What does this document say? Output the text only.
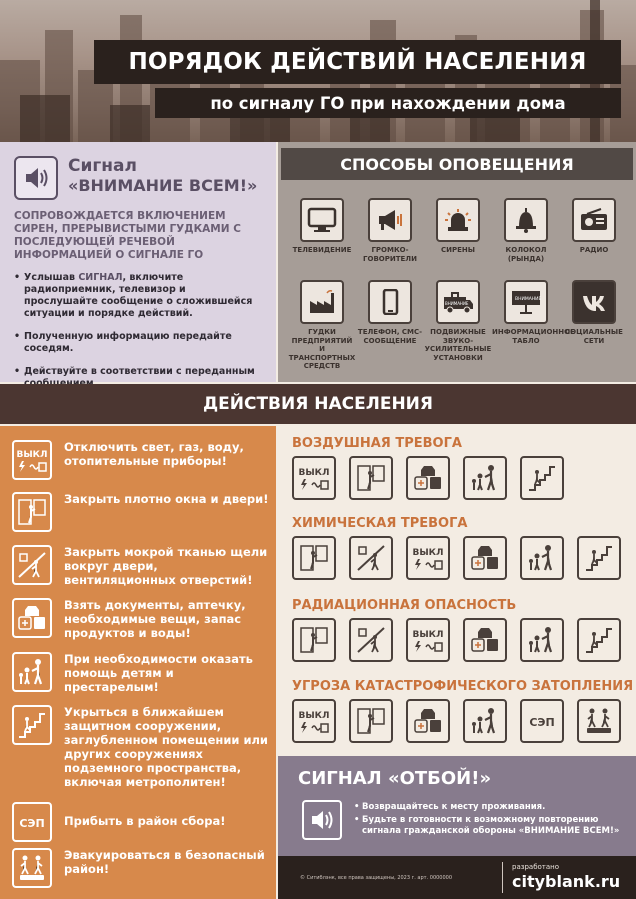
ПОРЯДОК ДЕЙСТВИЙ НАСЕЛЕНИЯ
по сигналу ГО при нахождении дома
Сигнал
«ВНИМАНИЕ ВСЕМ!»
СОПРОВОЖДАЕТСЯ ВКЛЮЧЕНИЕМ СИРЕН, ПРЕРЫВИСТЫМИ ГУДКАМИ С ПОСЛЕДУЮЩЕЙ РЕЧЕВОЙ ИНФОРМАЦИЕЙ О СИГНАЛЕ ГО
• Услышав СИГНАЛ, включите радиоприемник, телевизор и прослушайте сообщение о сложившейся ситуации и порядке действий.
• Полученную информацию передайте соседям.
• Действуйте в соответствии с переданным
СПОСОБЫ ОПОВЕЩЕНИЯ
ТЕЛЕВИДЕНИЕ	ГРОМКО-ГОВОРИТЕЛИ
СИРЕНЫ	КОЛОКОЛ (РЫНДА)
РАДИО
ГУДКИ ПРЕДПРИЯТИЙ И ТРАНСПОРТНЫХ СРЕДСТВ
ТЕЛЕФОН, СМС-СООБЩЕНИЕ
ВНИМАНИЕ
ПОДВИЖНЫЕ ЗВУКО-УСИЛИТЕЛЬНЫЕ УСТАНОВКИ
ВНИМАНИЕ
ИНФОРМАЦИОННОЕ ТАБЛО
СОЦИАЛЬНЫЕ СЕТИ
ДЕЙСТВИЯ НАСЕЛЕНИЯ
ВЫКЛ
Отключить свет, газ, воду, отопительные приборы!
Закрыть плотно окна и двери!
Закрыть мокрой тканью щели вокруг двери, вентиляционных отверстий!
Взять документы, аптечку, необходимые вещи, запас продуктов и воды!
При необходимости оказать помощь детям и престарелым!
Укрыться в ближайшем защитном сооружении, заглубленном помещении или других сооружениях подземного пространства, включая метрополитен!
СЭП Прибыть в район сбора!
Эвакуироваться в безопасный район!
ВОЗДУШНАЯ ТРЕВОГА
ХИМИЧЕСКАЯ ТРЕВОГА
РАДИАЦИОННАЯ ОПАСНОСТЬ
УГРОЗА КАТАСТРОФИЧЕСКОГО ЗАТОПЛЕНИЯ
ВЫКЛ
ВЫКЛ
ВЫКЛ
ВЫКЛ	СЭП
СИГНАЛ «ОТБОЙ!»
• Возвращайтесь к месту проживания.
• Будьте в готовности к возможному повторению сигнала гражданской обороны «ВНИМАНИЕ ВСЕМ!»
© Ситиблэнк, все права защищены, 2023 г. арт. 0000000
разработано
cityblank.ru
